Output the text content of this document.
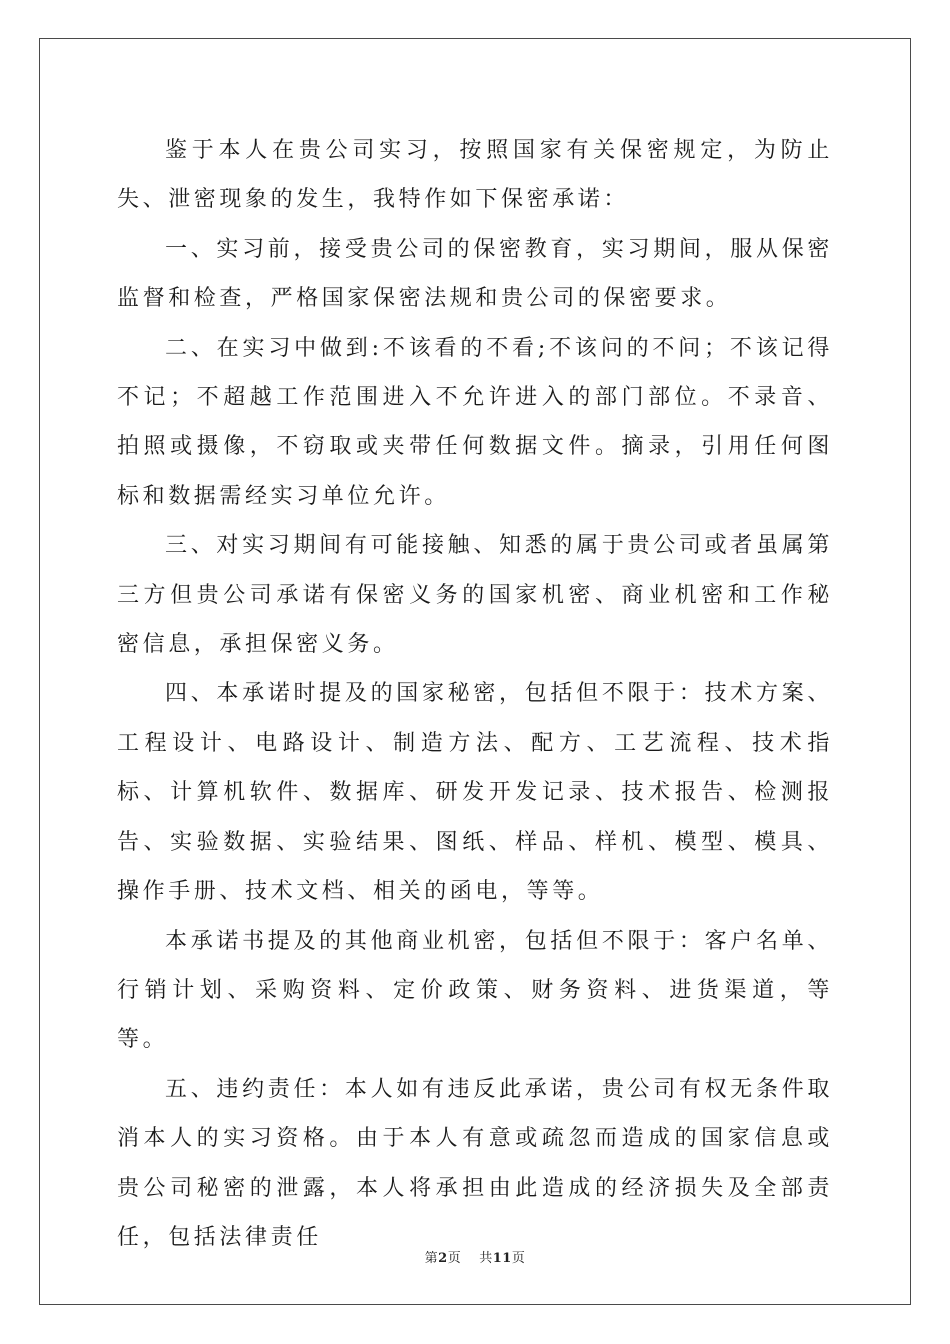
鉴于本人在贵公司实习，按照国家有关保密规定，为防止失、泄密现象的发生，我特作如下保密承诺：

一、实习前，接受贵公司的保密教育，实习期间，服从保密监督和检查，严格国家保密法规和贵公司的保密要求。

二、在实习中做到:不该看的不看;不该问的不问；不该记得不记；不超越工作范围进入不允许进入的部门部位。不录音、拍照或摄像，不窃取或夹带任何数据文件。摘录，引用任何图标和数据需经实习单位允许。

三、对实习期间有可能接触、知悉的属于贵公司或者虽属第三方但贵公司承诺有保密义务的国家机密、商业机密和工作秘密信息，承担保密义务。

四、本承诺时提及的国家秘密，包括但不限于：技术方案、工程设计、电路设计、制造方法、配方、工艺流程、技术指标、计算机软件、数据库、研发开发记录、技术报告、检测报告、实验数据、实验结果、图纸、样品、样机、模型、模具、操作手册、技术文档、相关的函电，等等。

本承诺书提及的其他商业机密，包括但不限于：客户名单、行销计划、采购资料、定价政策、财务资料、进货渠道，等等。

五、违约责任：本人如有违反此承诺，贵公司有权无条件取消本人的实习资格。由于本人有意或疏忽而造成的国家信息或贵公司秘密的泄露，本人将承担由此造成的经济损失及全部责任，包括法律责任

第2页 共11页
